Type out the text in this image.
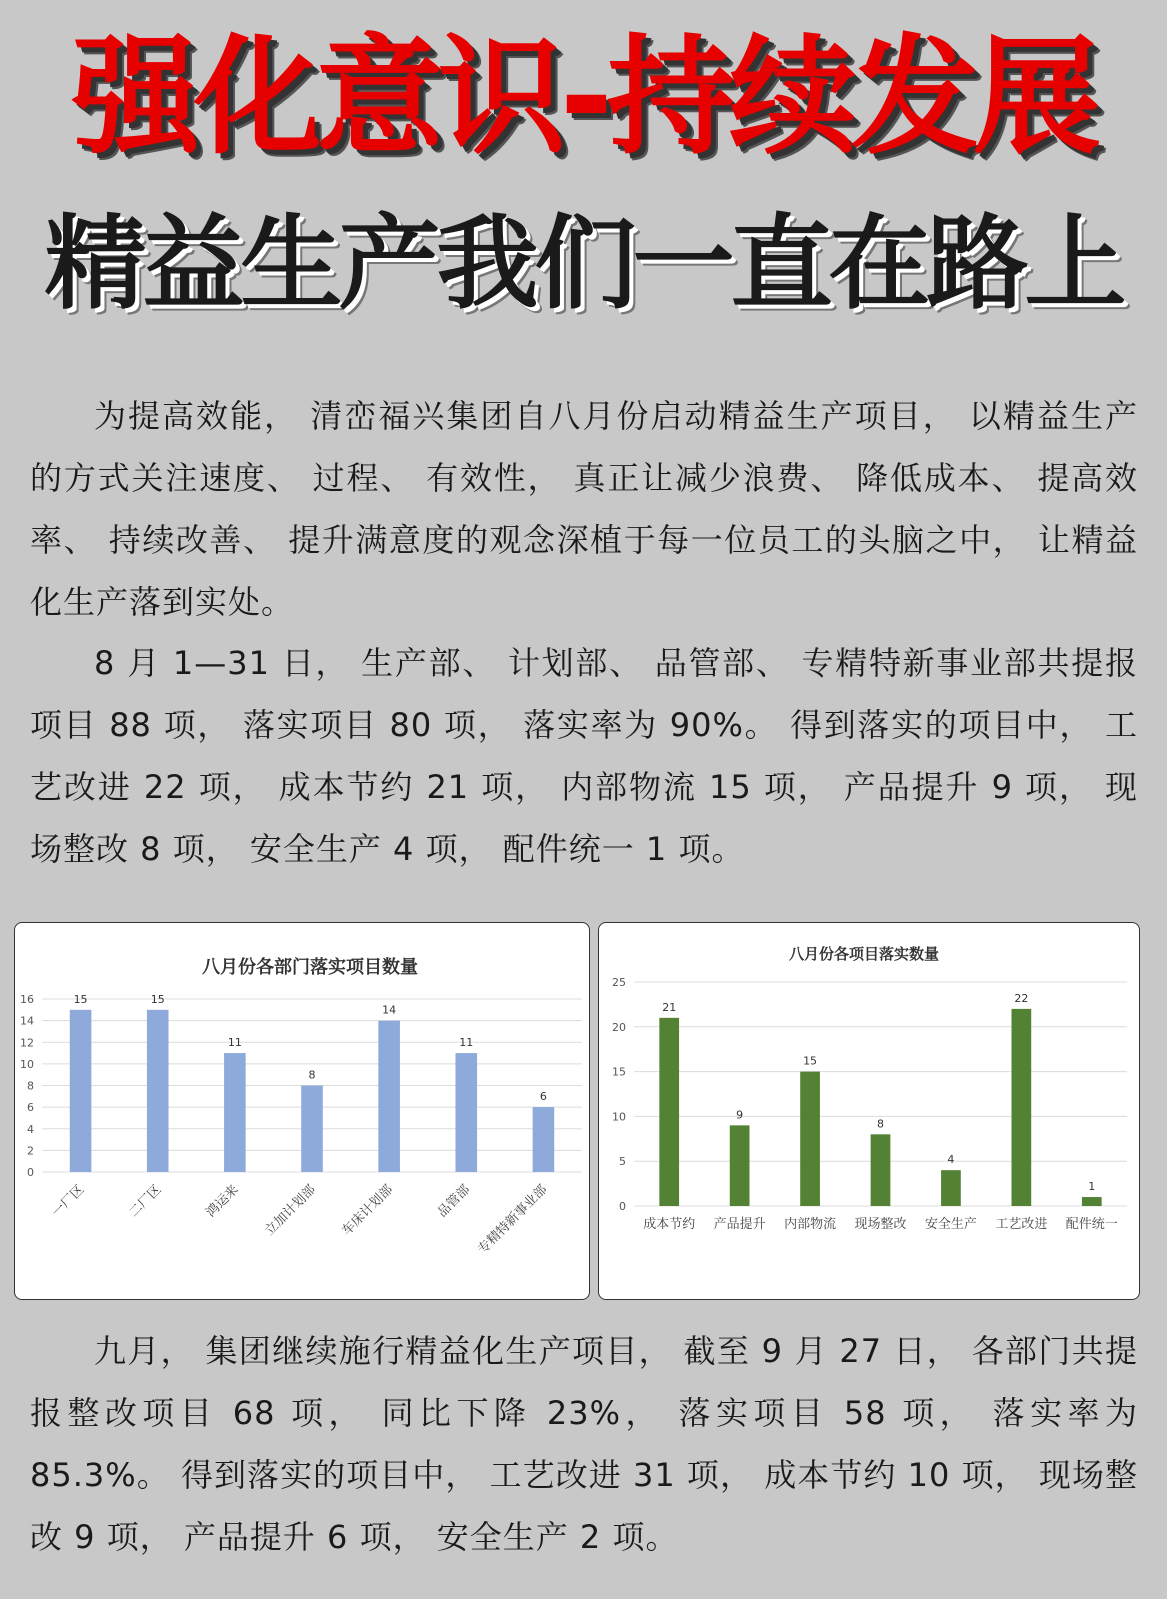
强化意识-持续发展
精益生产我们一直在路上

为提高效能， 清峦福兴集团自八月份启动精益生产项目， 以精益生产的方式关注速度、 过程、 有效性， 真正让减少浪费、 降低成本、 提高效率、 持续改善、 提升满意度的观念深植于每一位员工的头脑之中， 让精益化生产落到实处。

8 月 1—31 日， 生产部、 计划部、 品管部、 专精特新事业部共提报项目 88 项， 落实项目 80 项， 落实率为 90%。 得到落实的项目中， 工艺改进 22 项， 成本节约 21 项， 内部物流 15 项， 产品提升 9 项， 现场整改 8 项， 安全生产 4 项， 配件统一 1 项。

八月份各部门落实项目数量
0
2
4
6
8
10
12
14
16	15
一厂区
15
二厂区
11
鸿运来
8
立加计划部
14
车床计划部
11
品管部
6
专精特新事业部
八月份各项目落实数量
0
5
10
15
20
25
21
成本节约
9
产品提升
15
内部物流
8
现场整改
4
安全生产
22
工艺改进
1
配件统一

九月， 集团继续施行精益化生产项目， 截至 9 月 27 日， 各部门共提报整改项目 68 项， 同比下降 23%， 落实项目 58 项， 落实率为 85.3%。 得到落实的项目中， 工艺改进 31 项， 成本节约 10 项， 现场整改 9 项， 产品提升 6 项， 安全生产 2 项。
